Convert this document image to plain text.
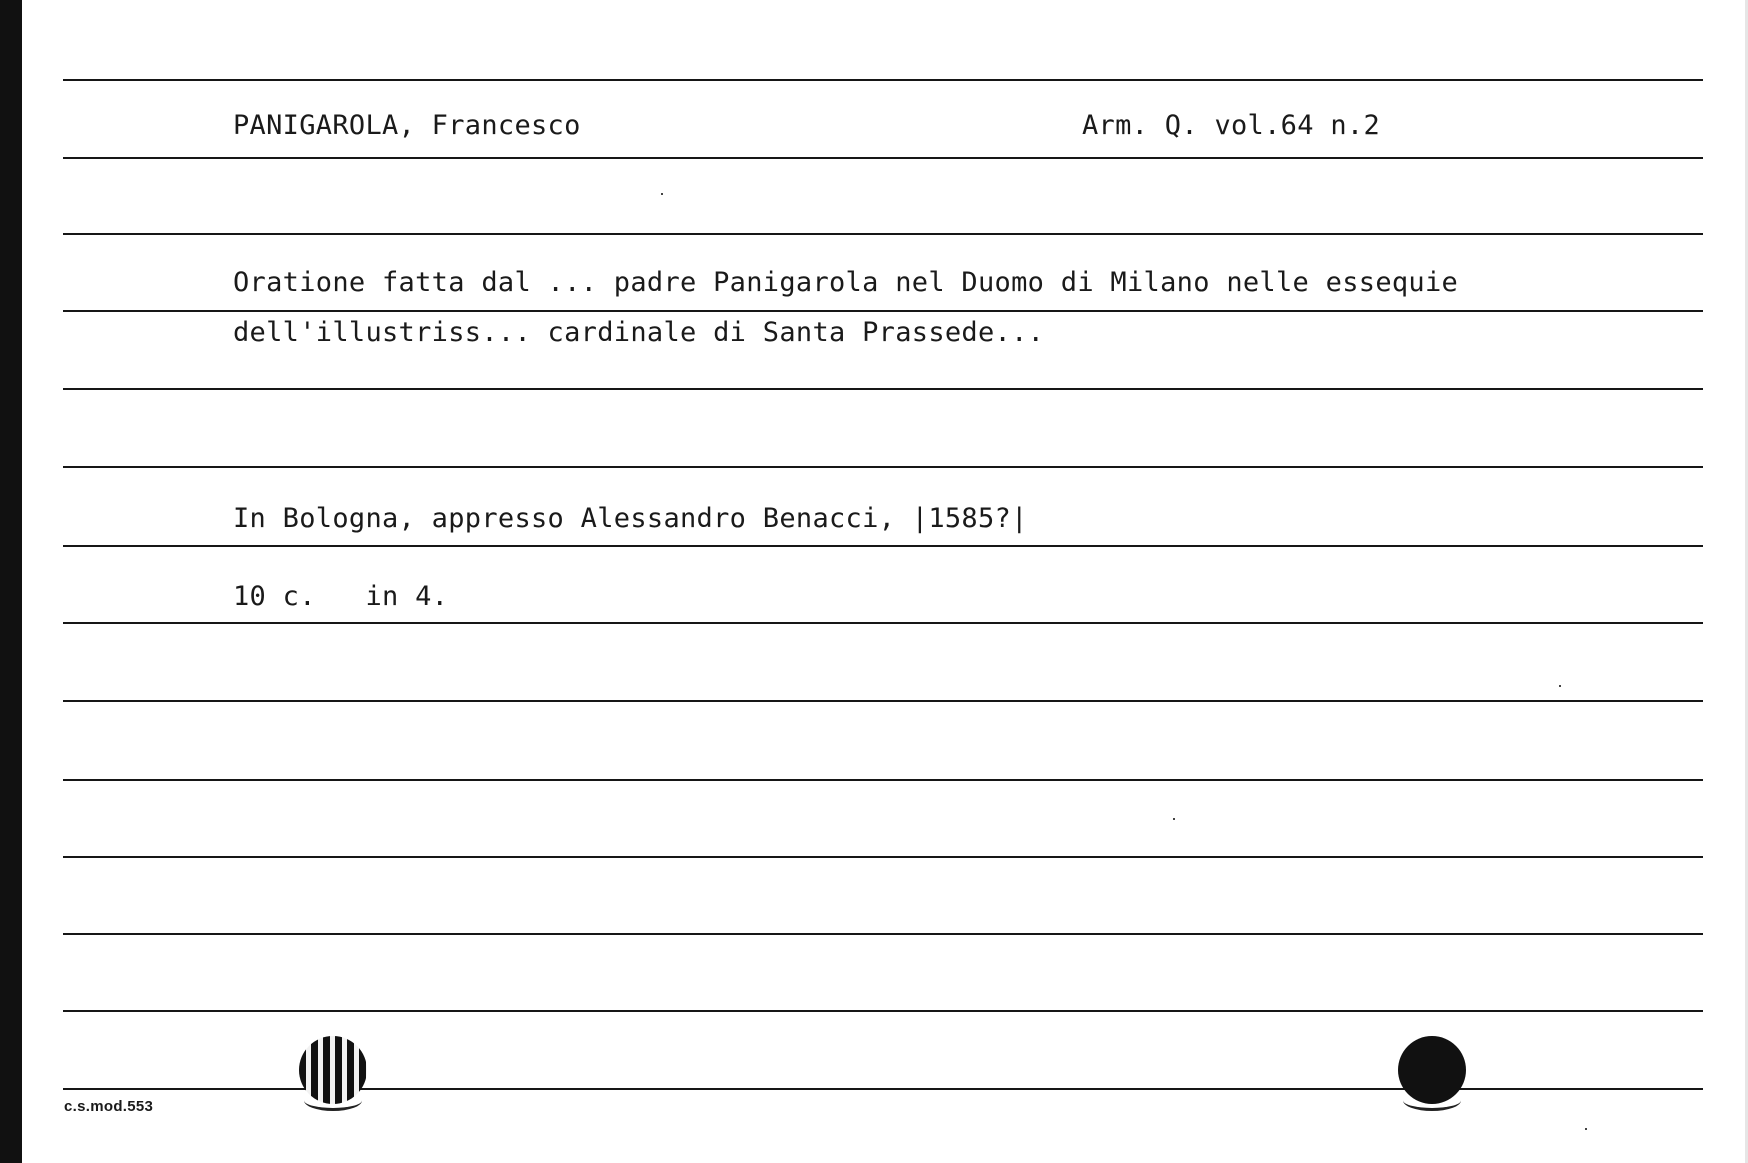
PANIGAROLA, Francesco	Arm. Q. vol.64 n.2
Oratione fatta dal ... padre Panigarola nel Duomo di Milano nelle essequie
dell'illustriss... cardinale di Santa Prassede...
In Bologna, appresso Alessandro Benacci, |1585?|
10 c.   in 4.
c.s.mod.553
